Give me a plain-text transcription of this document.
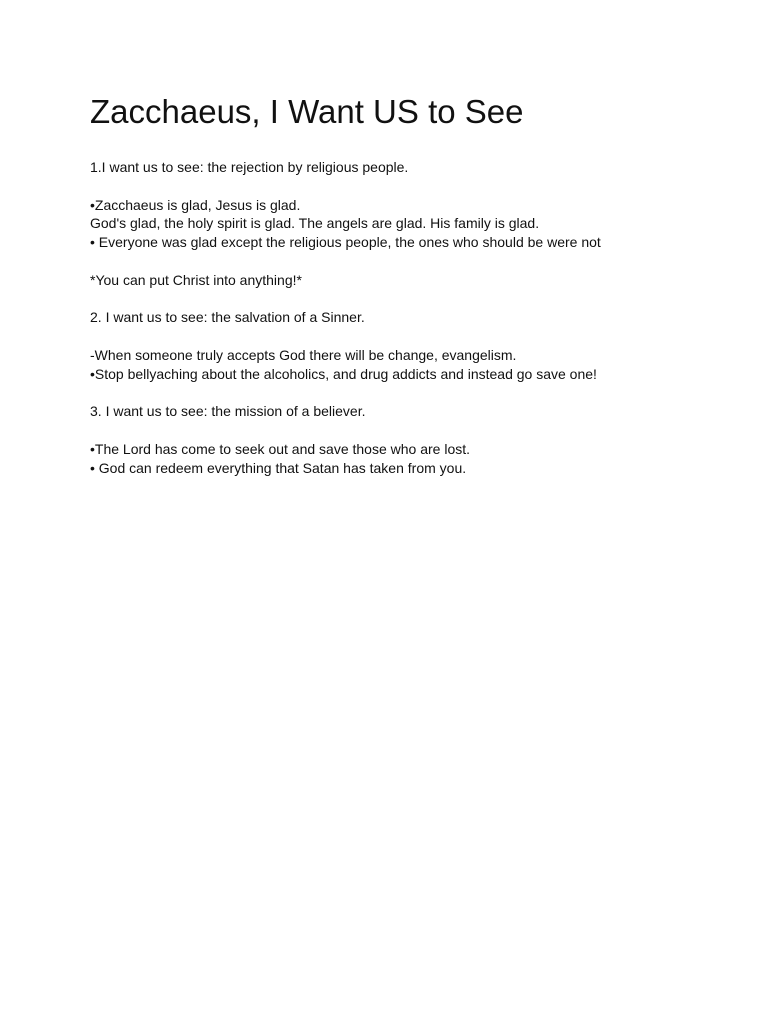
Zacchaeus, I Want US to See
1.I want us to see: the rejection by religious people.
•Zacchaeus is glad, Jesus is glad.
God's glad, the holy spirit is glad. The angels are glad. His family is glad.
• Everyone was glad except the religious people, the ones who should be were not
*You can put Christ into anything!*
2. I want us to see: the salvation of a Sinner.
-When someone truly accepts God there will be change, evangelism.
•Stop bellyaching about the alcoholics, and drug addicts and instead go save one!
3. I want us to see: the mission of a believer.
•The Lord has come to seek out and save those who are lost.
• God can redeem everything that Satan has taken from you.
